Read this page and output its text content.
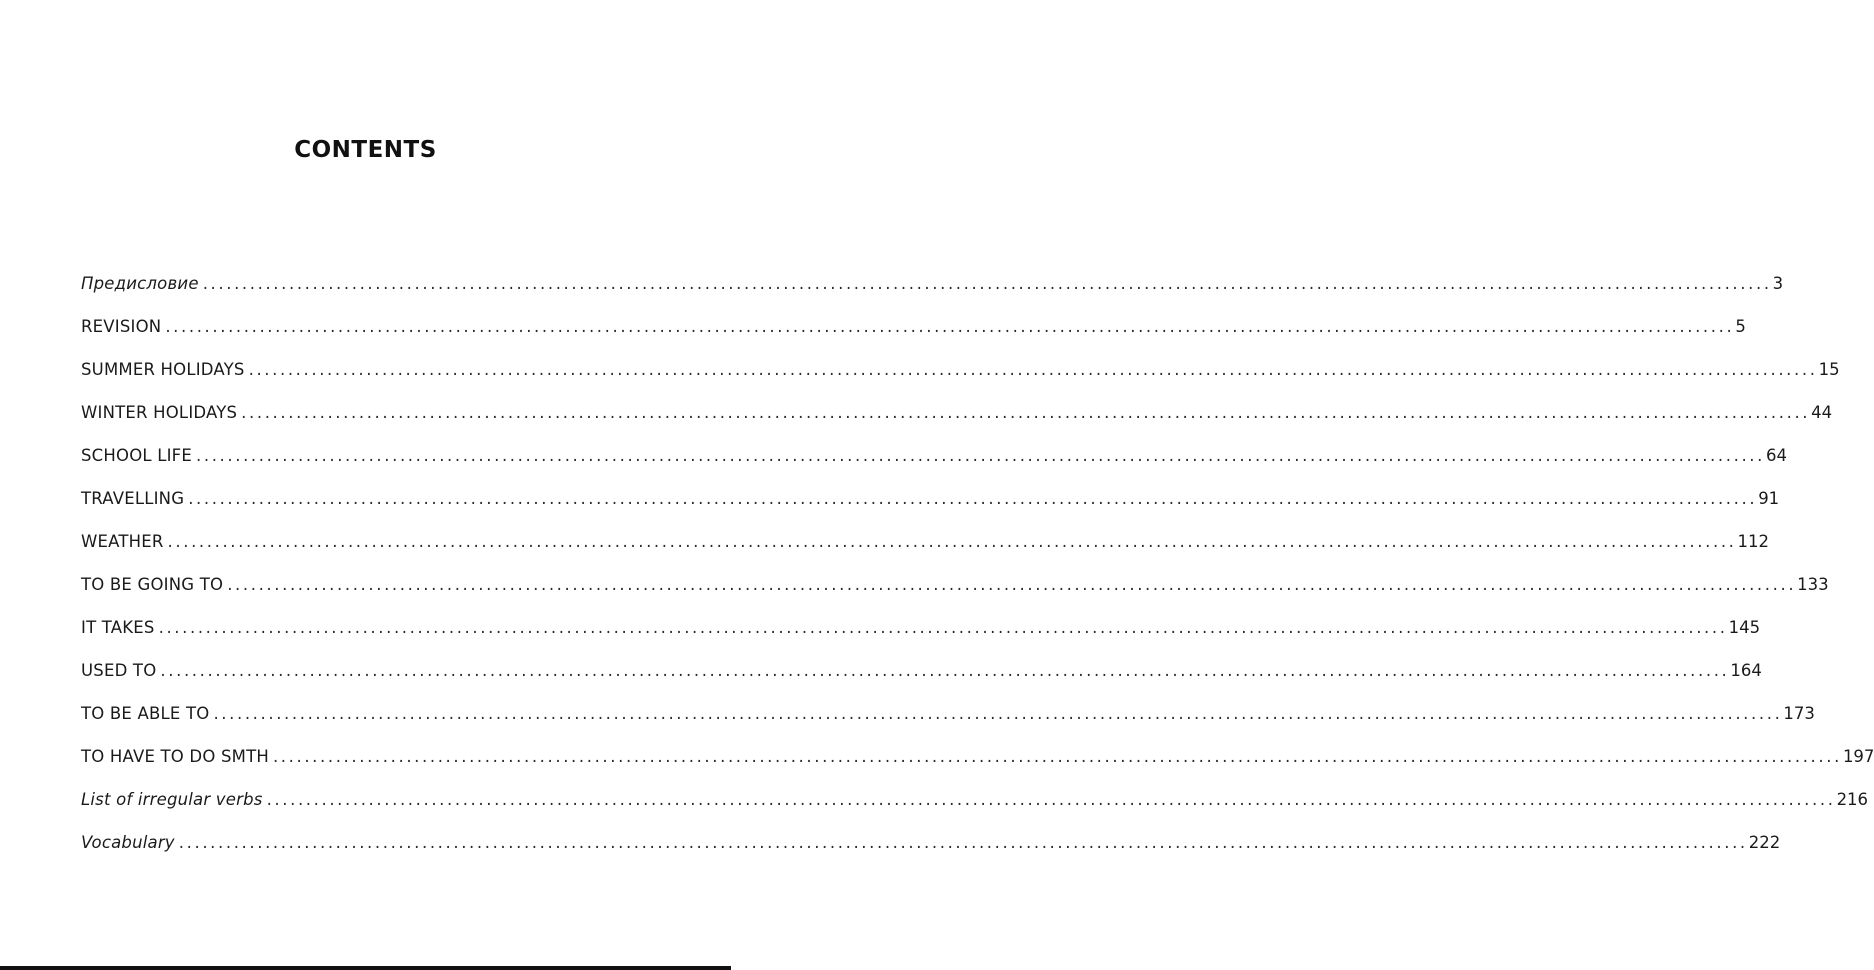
CONTENTS
Предисловие ........................................................................................................................................................................................................ 3
REVISION ........................................................................................................................................................................................................ 5
SUMMER HOLIDAYS ........................................................................................................................................................................................................ 15
WINTER HOLIDAYS ........................................................................................................................................................................................................ 44
SCHOOL LIFE ........................................................................................................................................................................................................ 64
TRAVELLING ........................................................................................................................................................................................................ 91
WEATHER ........................................................................................................................................................................................................ 112
TO BE GOING TO ........................................................................................................................................................................................................ 133
IT TAKES ........................................................................................................................................................................................................ 145
USED TO ........................................................................................................................................................................................................ 164
TO BE ABLE TO ........................................................................................................................................................................................................ 173
TO HAVE TO DO SMTH ........................................................................................................................................................................................................ 197
List of irregular verbs ........................................................................................................................................................................................................ 216
Vocabulary ........................................................................................................................................................................................................ 222
